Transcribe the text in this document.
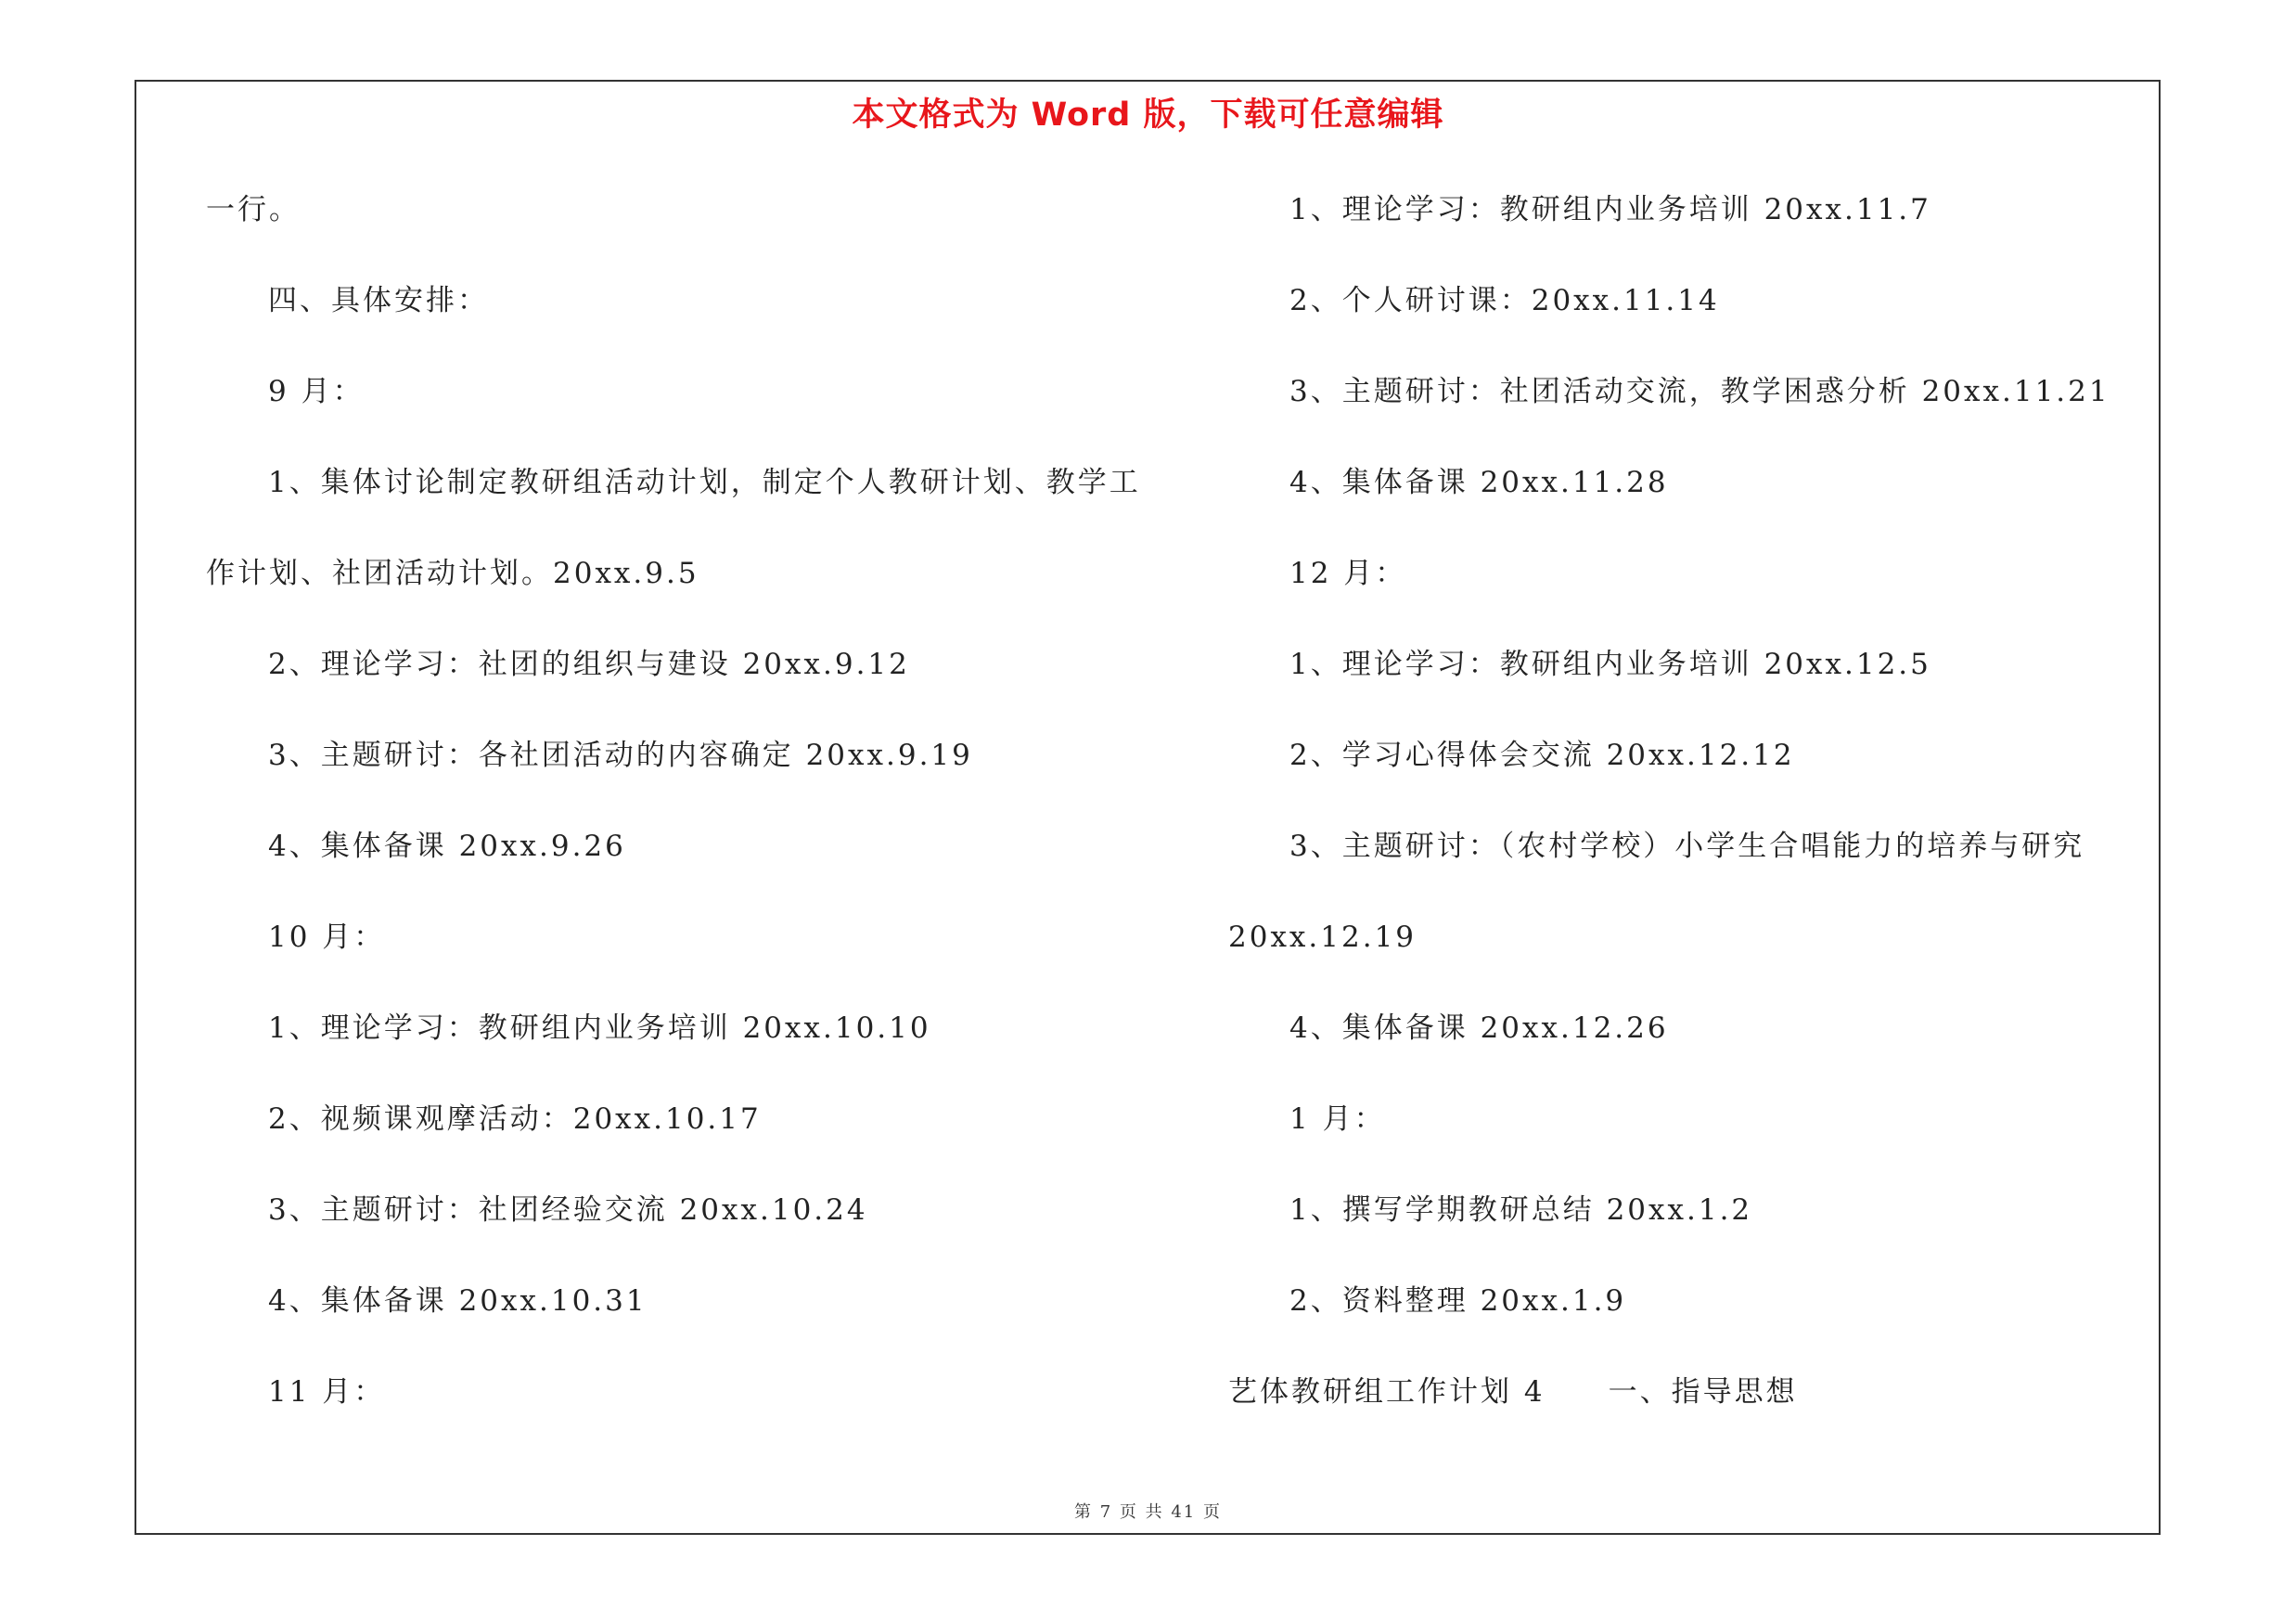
本文格式为 Word 版，下载可任意编辑
一行。
四、具体安排：
9 月：
1、集体讨论制定教研组活动计划，制定个人教研计划、教学工
作计划、社团活动计划。20xx.9.5
2、理论学习：社团的组织与建设 20xx.9.12
3、主题研讨：各社团活动的内容确定 20xx.9.19
4、集体备课 20xx.9.26
10 月：
1、理论学习：教研组内业务培训 20xx.10.10
2、视频课观摩活动：20xx.10.17
3、主题研讨：社团经验交流 20xx.10.24
4、集体备课 20xx.10.31
11 月：
1、理论学习：教研组内业务培训 20xx.11.7
2、个人研讨课：20xx.11.14
3、主题研讨：社团活动交流，教学困惑分析 20xx.11.21
4、集体备课 20xx.11.28
12 月：
1、理论学习：教研组内业务培训 20xx.12.5
2、学习心得体会交流 20xx.12.12
3、主题研讨：（农村学校）小学生合唱能力的培养与研究
20xx.12.19
4、集体备课 20xx.12.26
1 月：
1、撰写学期教研总结 20xx.1.2
2、资料整理 20xx.1.9
艺体教研组工作计划 4　　一、指导思想
第 7 页 共 41 页
